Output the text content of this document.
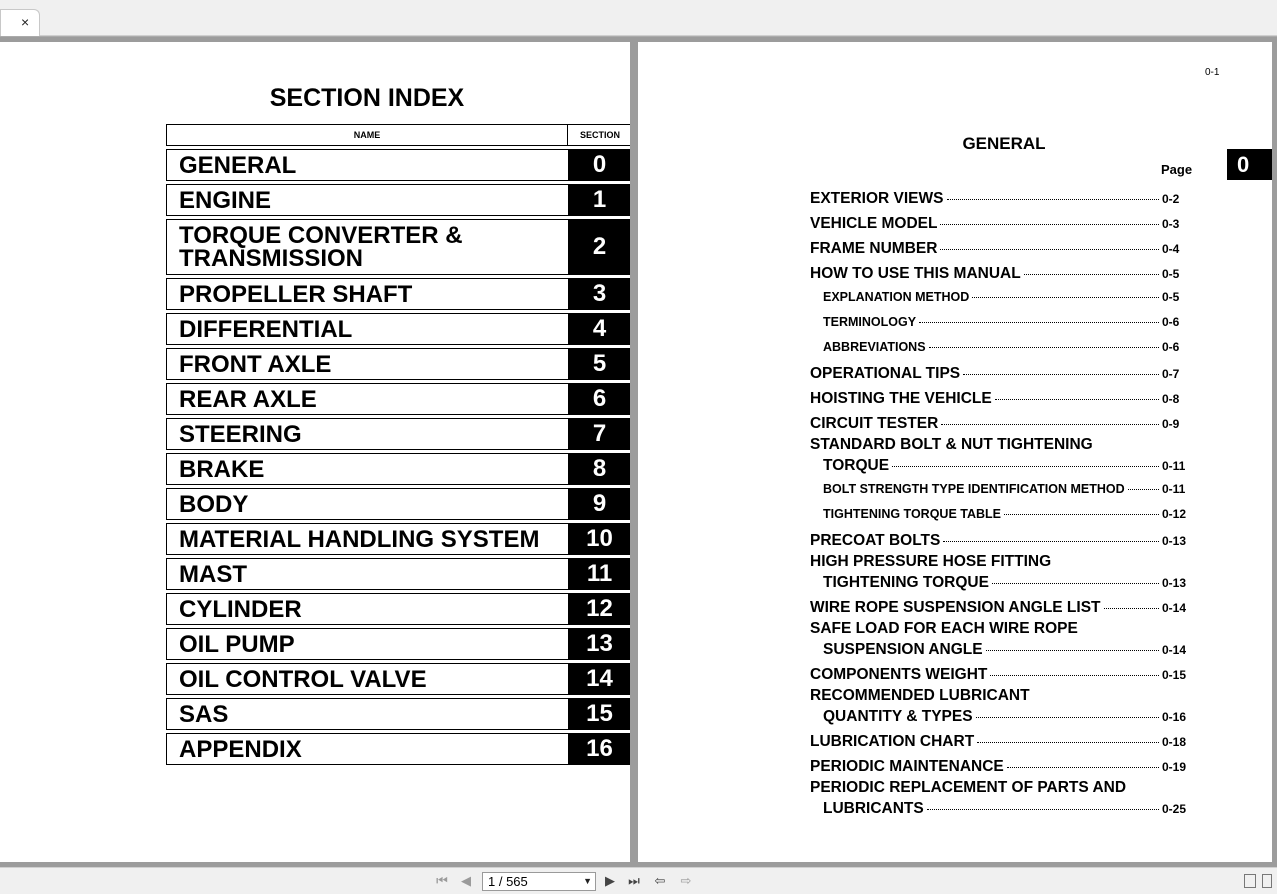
×
SECTION INDEX
NAME	SECTION
GENERAL	0
ENGINE	1
TORQUE CONVERTER & TRANSMISSION	2
PROPELLER SHAFT	3
DIFFERENTIAL	4
FRONT AXLE	5
REAR AXLE	6
STEERING	7
BRAKE	8
BODY	9
MATERIAL HANDLING SYSTEM	10
MAST	11
CYLINDER	12
OIL PUMP	13
OIL CONTROL VALVE	14
SAS	15
APPENDIX	16
0-1
GENERAL
Page	0
EXTERIOR VIEWS	0-2
VEHICLE MODEL	0-3
FRAME NUMBER	0-4
HOW TO USE THIS MANUAL	0-5
EXPLANATION METHOD	0-5
TERMINOLOGY	0-6
ABBREVIATIONS	0-6
OPERATIONAL TIPS	0-7
HOISTING THE VEHICLE	0-8
CIRCUIT TESTER	0-9
STANDARD BOLT & NUT TIGHTENING
TORQUE	0-11
BOLT STRENGTH TYPE IDENTIFICATION METHOD	0-11
TIGHTENING TORQUE TABLE	0-12
PRECOAT BOLTS	0-13
HIGH PRESSURE HOSE FITTING
TIGHTENING TORQUE	0-13
WIRE ROPE SUSPENSION ANGLE LIST	0-14
SAFE LOAD FOR EACH WIRE ROPE
SUSPENSION ANGLE	0-14
COMPONENTS WEIGHT	0-15
RECOMMENDED LUBRICANT
QUANTITY & TYPES	0-16
LUBRICATION CHART	0-18
PERIODIC MAINTENANCE	0-19
PERIODIC REPLACEMENT OF PARTS AND
LUBRICANTS	0-25
⏮ ◀	1 / 565	▼ ▶ ⏭ ⇦ ⇨
